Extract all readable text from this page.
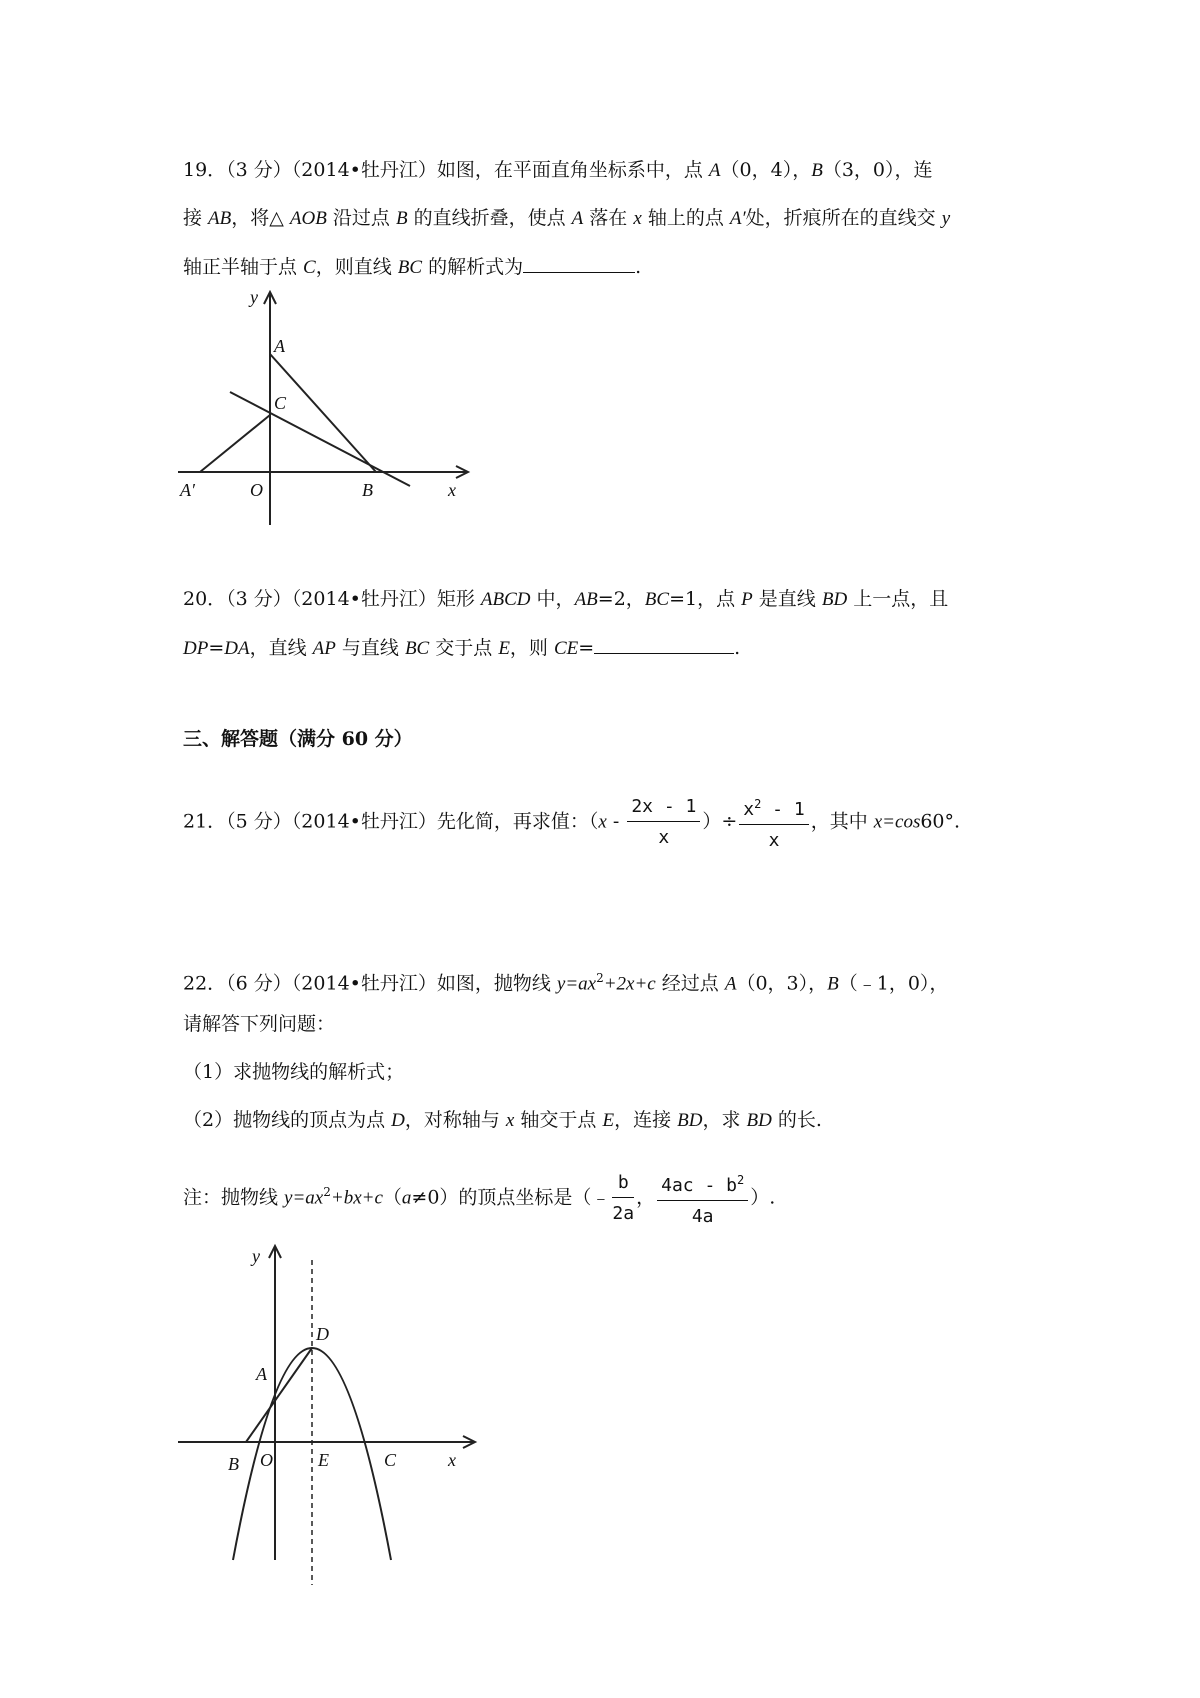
19．（3 分）（2014•牡丹江）如图，在平面直角坐标系中，点 A（0，4），B（3，0），连
接 AB，将△ AOB 沿过点 B 的直线折叠，使点 A 落在 x 轴上的点 A′处，折痕所在的直线交 y
轴正半轴于点 C，则直线 BC 的解析式为	.
y
A
C
A′	O	B	x
20．（3 分）（2014•牡丹江）矩形 ABCD 中，AB=2，BC=1，点 P 是直线 BD 上一点，且
DP=DA，直线 AP 与直线 BC 交于点 E，则 CE=	.
三、解答题（满分 60 分）
21．（5 分）（2014•牡丹江）先化简，再求值：（$x - \frac{2x - 1}{x}$ ）÷ $\frac{x^2 - 1}{x}$ ，其中 x=cos60°.
22．（6 分）（2014•牡丹江）如图，抛物线 $y=ax^2+2x+c$ 经过点 A（0，3），B（﹣1，0），
请解答下列问题：
（1）求抛物线的解析式；
（2）抛物线的顶点为点 D，对称轴与 x 轴交于点 E，连接 BD，求 BD 的长.
注：抛物线 $y=ax^2+bx+c(a\ne 0)$的顶点坐标是（﹣ $\frac{b}{2a}$ ， $\frac{4ac - b^2}{4a}$ ）.
y
D
A
B O	E	C	x
